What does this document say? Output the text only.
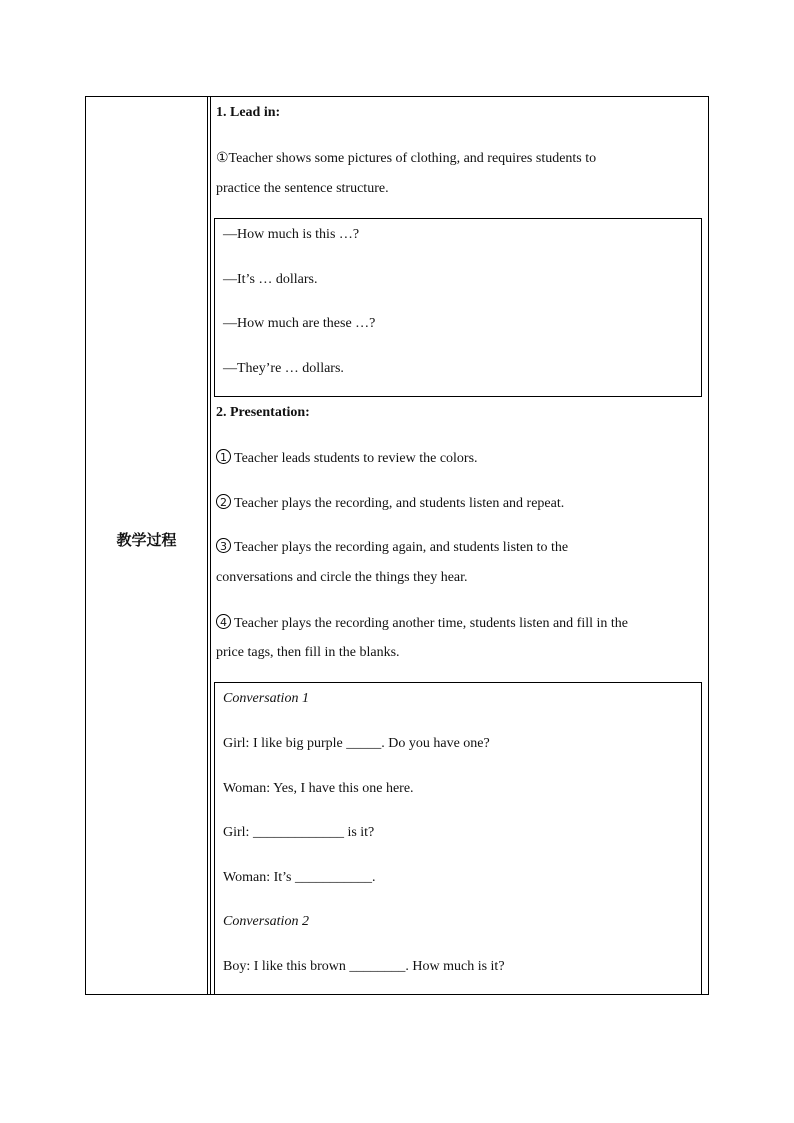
教学过程
1. Lead in:
①Teacher shows some pictures of clothing, and requires students to
practice the sentence structure.
—How much is this …?
—It’s … dollars.
—How much are these …?
—They’re … dollars.
2. Presentation:
1 Teacher leads students to review the colors.
2 Teacher plays the recording, and students listen and repeat.
3 Teacher plays the recording again, and students listen to the
conversations and circle the things they hear.
4 Teacher plays the recording another time, students listen and fill in the
price tags, then fill in the blanks.
Conversation 1
Girl: I like big purple _____. Do you have one?
Woman: Yes, I have this one here.
Girl: _____________ is it?
Woman: It’s ___________.
Conversation 2
Boy: I like this brown ________. How much is it?
